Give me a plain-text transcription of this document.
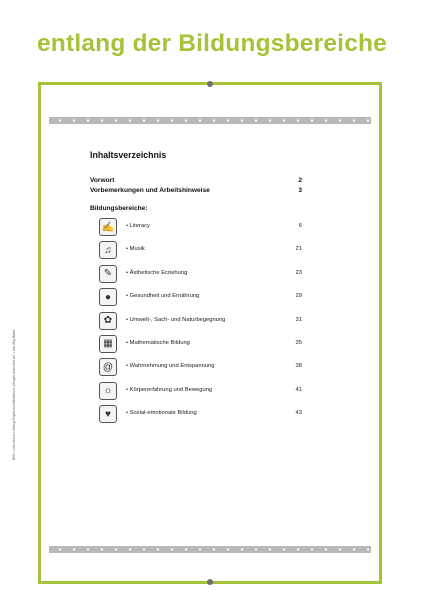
entlang der Bildungsbereiche
BVK • Lese-Wurm: Literacy-Projekt zum Bilderbuch „Morgen besuchen wir" • von Jörg Bähre
Inhaltsverzeichnis
Vorwort	2
Vorbemerkungen und Arbeitshinweise	3
Bildungsbereiche:
✍	• Literacy	6
♫	• Musik	21
✎	• Ästhetische Erziehung	23
●	• Gesundheit und Ernährung	29
✿	• Umwelt-, Sach- und Naturbegegnung	31
▦	• Mathematische Bildung	35
@	• Wahrnehmung und Entspannung	38
☼	• Körpererfahrung und Bewegung	41
♥	• Sozial-emotionale Bildung	43
